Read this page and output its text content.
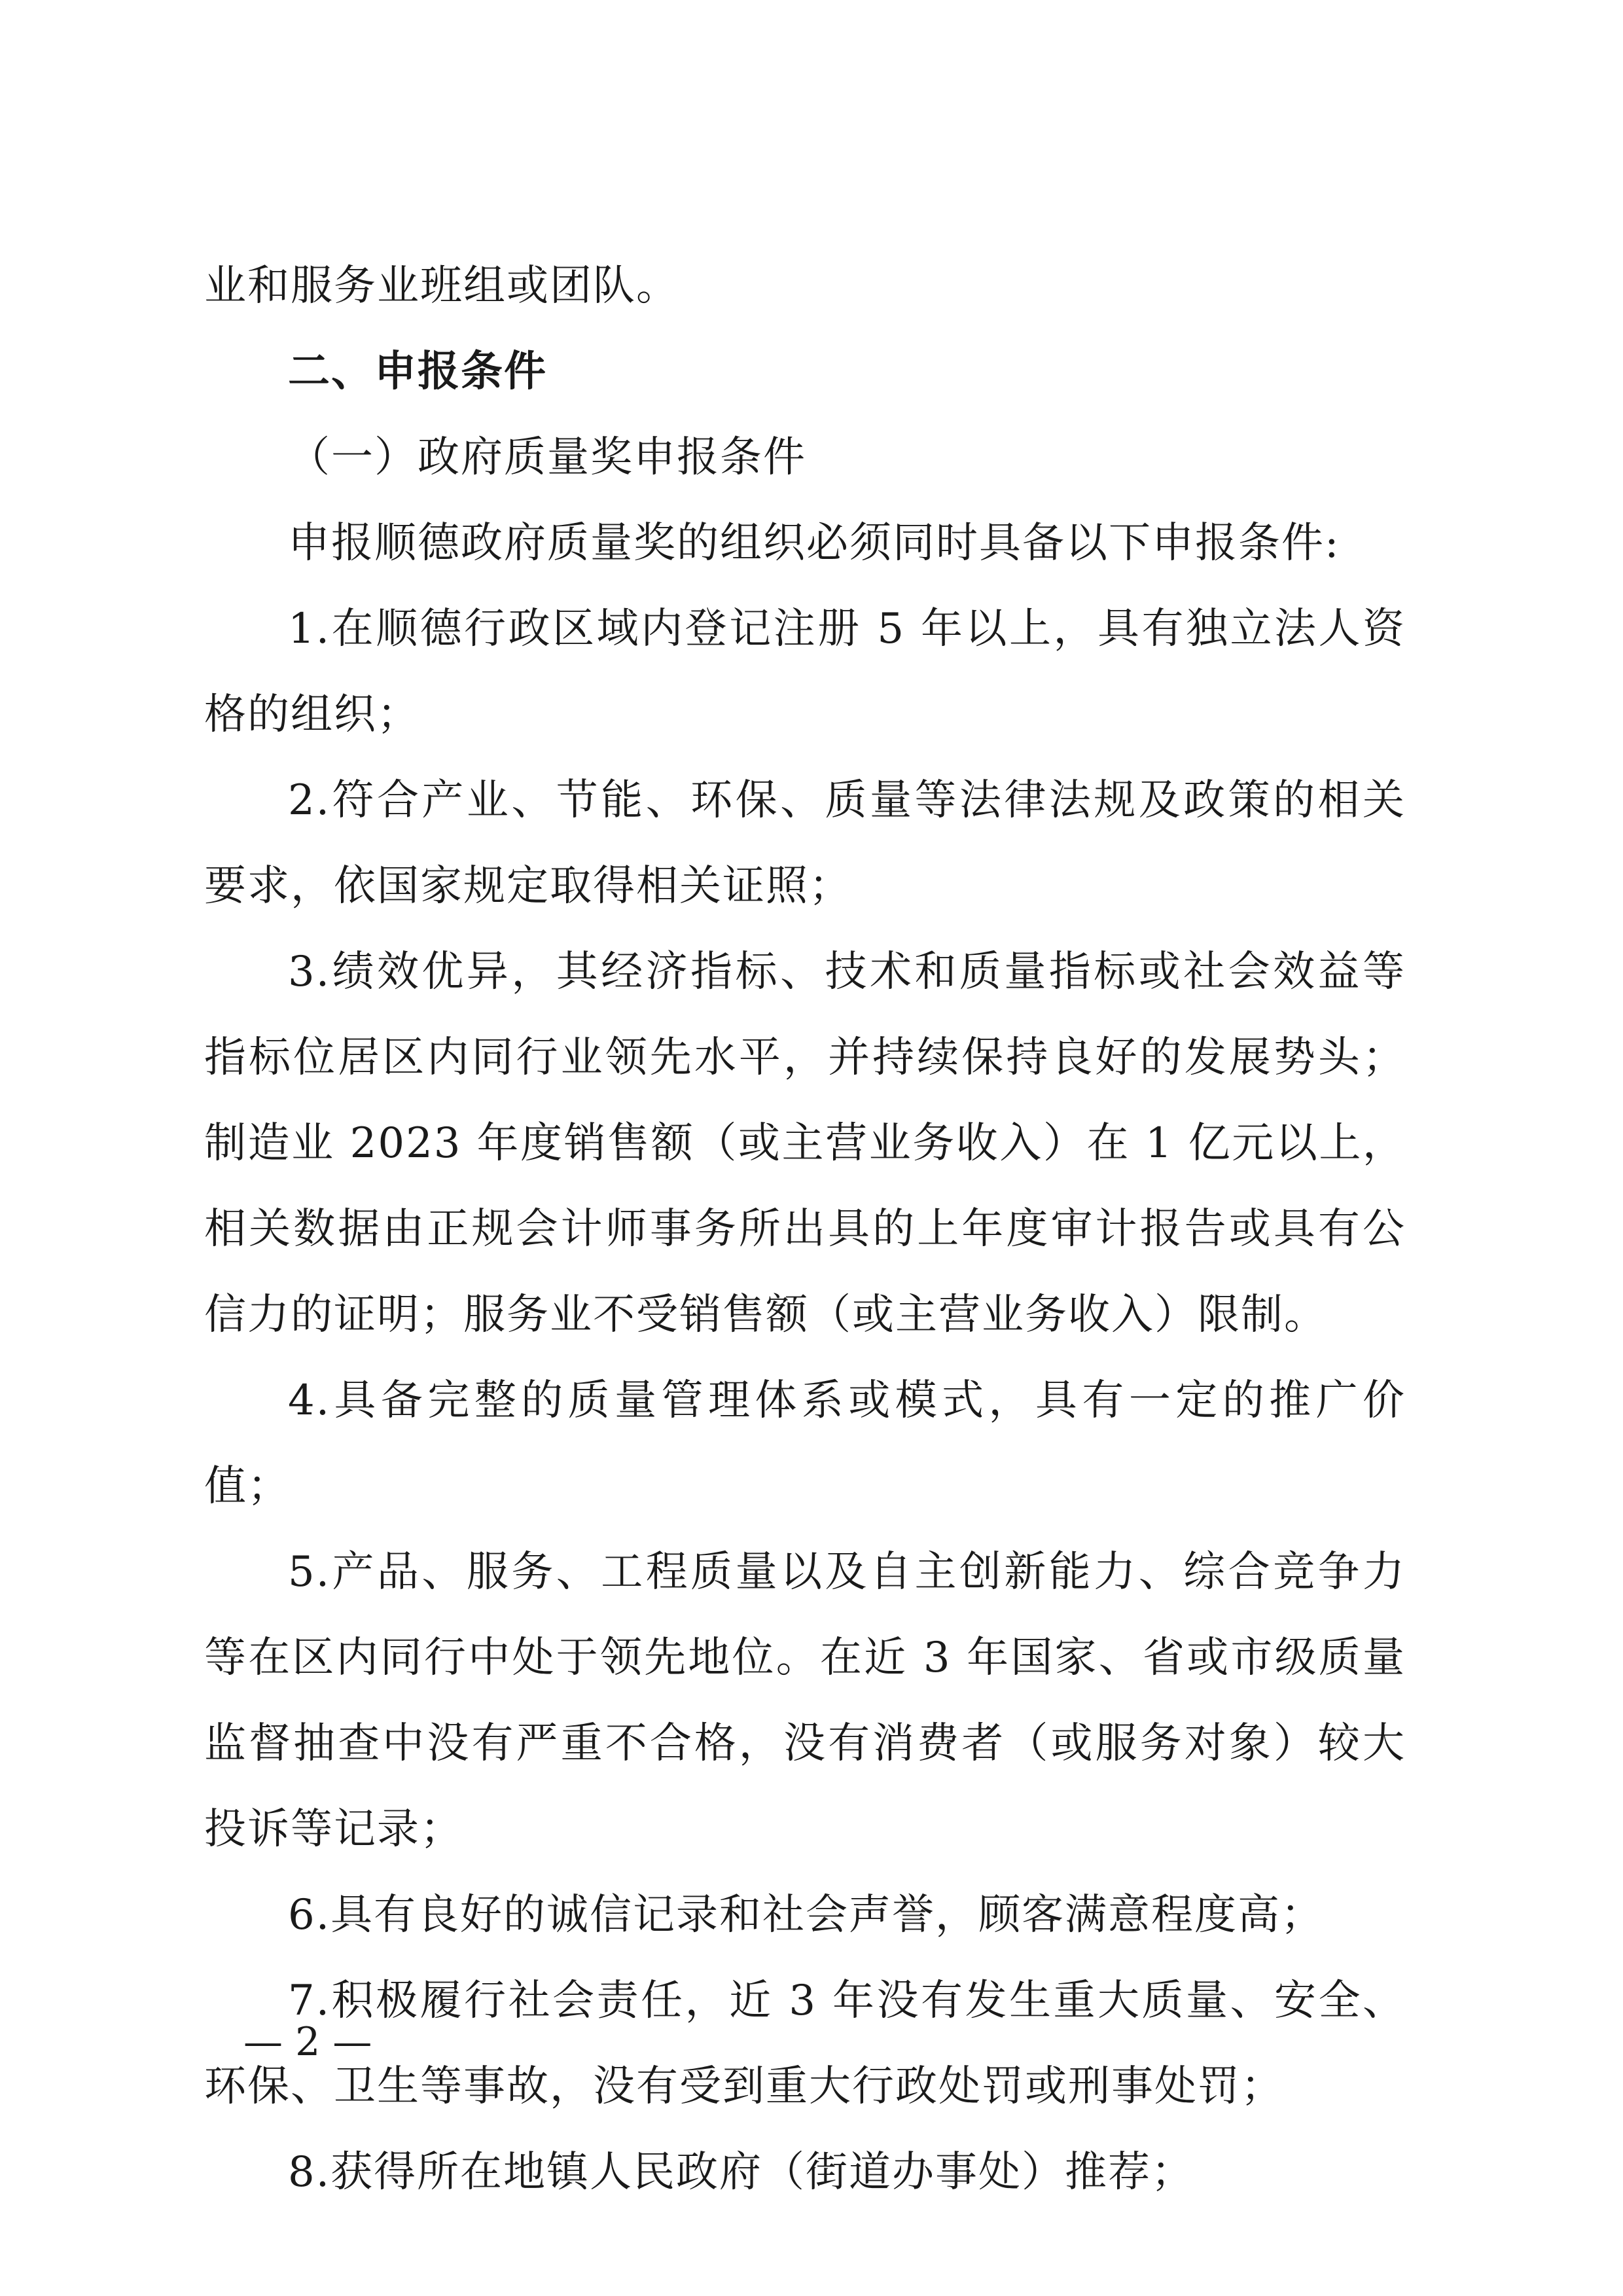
业和服务业班组或团队。

二、申报条件

（一）政府质量奖申报条件

申报顺德政府质量奖的组织必须同时具备以下申报条件:

1.在顺德行政区域内登记注册 5 年以上，具有独立法人资格的组织；

2.符合产业、节能、环保、质量等法律法规及政策的相关要求，依国家规定取得相关证照；

3.绩效优异，其经济指标、技术和质量指标或社会效益等指标位居区内同行业领先水平，并持续保持良好的发展势头；制造业 2023 年度销售额（或主营业务收入）在 1 亿元以上，相关数据由正规会计师事务所出具的上年度审计报告或具有公信力的证明；服务业不受销售额（或主营业务收入）限制。

4.具备完整的质量管理体系或模式，具有一定的推广价值；

5.产品、服务、工程质量以及自主创新能力、综合竞争力等在区内同行中处于领先地位。在近 3 年国家、省或市级质量监督抽查中没有严重不合格，没有消费者（或服务对象）较大投诉等记录；

6.具有良好的诚信记录和社会声誉，顾客满意程度高；

7.积极履行社会责任，近 3 年没有发生重大质量、安全、环保、卫生等事故，没有受到重大行政处罚或刑事处罚；

8.获得所在地镇人民政府（街道办事处）推荐；

— 2 —
